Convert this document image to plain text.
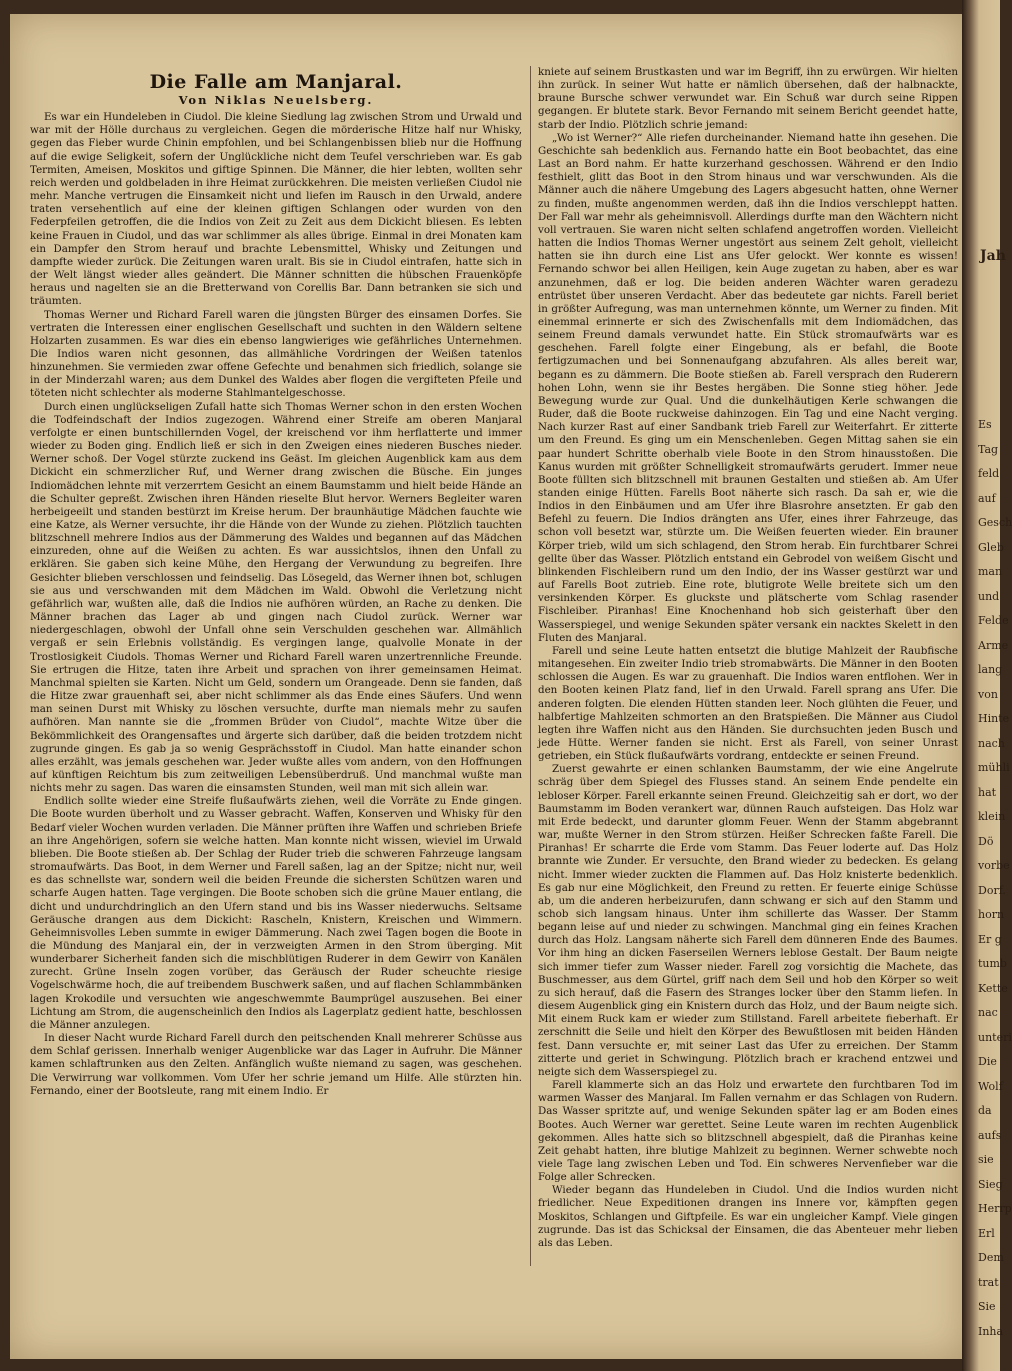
Die Falle am Manjaral.
Von Niklas Neuelsberg.

Es war ein Hundeleben in Ciudol. Die kleine Siedlung lag zwischen Strom und Urwald und war mit der Hölle durchaus zu vergleichen. Gegen die mörderische Hitze half nur Whisky, gegen das Fieber wurde Chinin empfohlen, und bei Schlangenbissen blieb nur die Hoffnung auf die ewige Seligkeit, sofern der Unglückliche nicht dem Teufel verschrieben war. Es gab Termiten, Ameisen, Moskitos und giftige Spinnen. Die Männer, die hier lebten, wollten sehr reich werden und goldbeladen in ihre Heimat zurückkehren. Die meisten verließen Ciudol nie mehr. Manche vertrugen die Einsamkeit nicht und liefen im Rausch in den Urwald, andere traten versehentlich auf eine der kleinen giftigen Schlangen oder wurden von den Federpfeilen getroffen, die die Indios von Zeit zu Zeit aus dem Dickicht bliesen. Es lebten keine Frauen in Ciudol, und das war schlimmer als alles übrige. Einmal in drei Monaten kam ein Dampfer den Strom herauf und brachte Lebensmittel, Whisky und Zeitungen und dampfte wieder zurück. Die Zeitungen waren uralt. Bis sie in Ciudol eintrafen, hatte sich in der Welt längst wieder alles geändert. Die Männer schnitten die hübschen Frauenköpfe heraus und nagelten sie an die Bretterwand von Corellis Bar. Dann betranken sie sich und träumten.

Thomas Werner und Richard Farell waren die jüngsten Bürger des einsamen Dorfes. Sie vertraten die Interessen einer englischen Gesellschaft und suchten in den Wäldern seltene Holzarten zusammen. Es war dies ein ebenso langwieriges wie gefährliches Unternehmen. Die Indios waren nicht gesonnen, das allmähliche Vordringen der Weißen tatenlos hinzunehmen. Sie vermieden zwar offene Gefechte und benahmen sich friedlich, solange sie in der Minderzahl waren; aus dem Dunkel des Waldes aber flogen die vergifteten Pfeile und töteten nicht schlechter als moderne Stahlmantelgeschosse.

Durch einen unglückseligen Zufall hatte sich Thomas Werner schon in den ersten Wochen die Todfeindschaft der Indios zugezogen. Während einer Streife am oberen Manjaral verfolgte er einen buntschillernden Vogel, der kreischend vor ihm herflatterte und immer wieder zu Boden ging. Endlich ließ er sich in den Zweigen eines niederen Busches nieder. Werner schoß. Der Vogel stürzte zuckend ins Geäst. Im gleichen Augenblick kam aus dem Dickicht ein schmerzlicher Ruf, und Werner drang zwischen die Büsche. Ein junges Indiomädchen lehnte mit verzerrtem Gesicht an einem Baumstamm und hielt beide Hände an die Schulter gepreßt. Zwischen ihren Händen rieselte Blut hervor. Werners Begleiter waren herbeigeeilt und standen bestürzt im Kreise herum. Der braunhäutige Mädchen fauchte wie eine Katze, als Werner versuchte, ihr die Hände von der Wunde zu ziehen. Plötzlich tauchten blitzschnell mehrere Indios aus der Dämmerung des Waldes und begannen auf das Mädchen einzureden, ohne auf die Weißen zu achten. Es war aussichtslos, ihnen den Unfall zu erklären. Sie gaben sich keine Mühe, den Hergang der Verwundung zu begreifen. Ihre Gesichter blieben verschlossen und feindselig. Das Lösegeld, das Werner ihnen bot, schlugen sie aus und verschwanden mit dem Mädchen im Wald. Obwohl die Verletzung nicht gefährlich war, wußten alle, daß die Indios nie aufhören würden, an Rache zu denken. Die Männer brachen das Lager ab und gingen nach Ciudol zurück. Werner war niedergeschlagen, obwohl der Unfall ohne sein Verschulden geschehen war. Allmählich vergaß er sein Erlebnis vollständig. Es vergingen lange, qualvolle Monate in der Trostlosigkeit Ciudols. Thomas Werner und Richard Farell waren unzertrennliche Freunde. Sie ertrugen die Hitze, taten ihre Arbeit und sprachen von ihrer gemeinsamen Heimat. Manchmal spielten sie Karten. Nicht um Geld, sondern um Orangeade. Denn sie fanden, daß die Hitze zwar grauenhaft sei, aber nicht schlimmer als das Ende eines Säufers. Und wenn man seinen Durst mit Whisky zu löschen versuchte, durfte man niemals mehr zu saufen aufhören. Man nannte sie die „frommen Brüder von Ciudol“, machte Witze über die Bekömmlichkeit des Orangensaftes und ärgerte sich darüber, daß die beiden trotzdem nicht zugrunde gingen. Es gab ja so wenig Gesprächsstoff in Ciudol. Man hatte einander schon alles erzählt, was jemals geschehen war. Jeder wußte alles vom andern, von den Hoffnungen auf künftigen Reichtum bis zum zeitweiligen Lebensüberdruß. Und manchmal wußte man nichts mehr zu sagen. Das waren die einsamsten Stunden, weil man mit sich allein war.

Endlich sollte wieder eine Streife flußaufwärts ziehen, weil die Vorräte zu Ende gingen. Die Boote wurden überholt und zu Wasser gebracht. Waffen, Konserven und Whisky für den Bedarf vieler Wochen wurden verladen. Die Männer prüften ihre Waffen und schrieben Briefe an ihre Angehörigen, sofern sie welche hatten. Man konnte nicht wissen, wieviel im Urwald blieben. Die Boote stießen ab. Der Schlag der Ruder trieb die schweren Fahrzeuge langsam stromaufwärts. Das Boot, in dem Werner und Farell saßen, lag an der Spitze; nicht nur, weil es das schnellste war, sondern weil die beiden Freunde die sichersten Schützen waren und scharfe Augen hatten. Tage vergingen. Die Boote schoben sich die grüne Mauer entlang, die dicht und undurchdringlich an den Ufern stand und bis ins Wasser niederwuchs. Seltsame Geräusche drangen aus dem Dickicht: Rascheln, Knistern, Kreischen und Wimmern. Geheimnisvolles Leben summte in ewiger Dämmerung. Nach zwei Tagen bogen die Boote in die Mündung des Manjaral ein, der in verzweigten Armen in den Strom überging. Mit wunderbarer Sicherheit fanden sich die mischblütigen Ruderer in dem Gewirr von Kanälen zurecht. Grüne Inseln zogen vorüber, das Geräusch der Ruder scheuchte riesige Vogelschwärme hoch, die auf treibendem Buschwerk saßen, und auf flachen Schlammbänken lagen Krokodile und versuchten wie angeschwemmte Baumprügel auszusehen. Bei einer Lichtung am Strom, die augenscheinlich den Indios als Lagerplatz gedient hatte, beschlossen die Männer anzulegen.

In dieser Nacht wurde Richard Farell durch den peitschenden Knall mehrerer Schüsse aus dem Schlaf gerissen. Innerhalb weniger Augenblicke war das Lager in Aufruhr. Die Männer kamen schlaftrunken aus den Zelten. Anfänglich wußte niemand zu sagen, was geschehen. Die Verwirrung war vollkommen. Vom Ufer her schrie jemand um Hilfe. Alle stürzten hin. Fernando, einer der Bootsleute, rang mit einem Indio. Er

kniete auf seinem Brustkasten und war im Begriff, ihn zu erwürgen. Wir hielten ihn zurück. In seiner Wut hatte er nämlich übersehen, daß der halbnackte, braune Bursche schwer verwundet war. Ein Schuß war durch seine Rippen gegangen. Er blutete stark. Bevor Fernando mit seinem Bericht geendet hatte, starb der Indio. Plötzlich schrie jemand:

„Wo ist Werner?“ Alle riefen durcheinander. Niemand hatte ihn gesehen. Die Geschichte sah bedenklich aus. Fernando hatte ein Boot beobachtet, das eine Last an Bord nahm. Er hatte kurzerhand geschossen. Während er den Indio festhielt, glitt das Boot in den Strom hinaus und war verschwunden. Als die Männer auch die nähere Umgebung des Lagers abgesucht hatten, ohne Werner zu finden, mußte angenommen werden, daß ihn die Indios verschleppt hatten. Der Fall war mehr als geheimnisvoll. Allerdings durfte man den Wächtern nicht voll vertrauen. Sie waren nicht selten schlafend angetroffen worden. Vielleicht hatten die Indios Thomas Werner ungestört aus seinem Zelt geholt, vielleicht hatten sie ihn durch eine List ans Ufer gelockt. Wer konnte es wissen! Fernando schwor bei allen Heiligen, kein Auge zugetan zu haben, aber es war anzunehmen, daß er log. Die beiden anderen Wächter waren geradezu entrüstet über unseren Verdacht. Aber das bedeutete gar nichts. Farell beriet in größter Aufregung, was man unternehmen könnte, um Werner zu finden. Mit einemmal erinnerte er sich des Zwischenfalls mit dem Indiomädchen, das seinem Freund damals verwundet hatte. Ein Stück stromaufwärts war es geschehen. Farell folgte einer Eingebung, als er befahl, die Boote fertigzumachen und bei Sonnenaufgang abzufahren. Als alles bereit war, begann es zu dämmern. Die Boote stießen ab. Farell versprach den Ruderern hohen Lohn, wenn sie ihr Bestes hergäben. Die Sonne stieg höher. Jede Bewegung wurde zur Qual. Und die dunkelhäutigen Kerle schwangen die Ruder, daß die Boote ruckweise dahinzogen. Ein Tag und eine Nacht verging. Nach kurzer Rast auf einer Sandbank trieb Farell zur Weiterfahrt. Er zitterte um den Freund. Es ging um ein Menschenleben. Gegen Mittag sahen sie ein paar hundert Schritte oberhalb viele Boote in den Strom hinausstoßen. Die Kanus wurden mit größter Schnelligkeit stromaufwärts gerudert. Immer neue Boote füllten sich blitzschnell mit braunen Gestalten und stießen ab. Am Ufer standen einige Hütten. Farells Boot näherte sich rasch. Da sah er, wie die Indios in den Einbäumen und am Ufer ihre Blasrohre ansetzten. Er gab den Befehl zu feuern. Die Indios drängten ans Ufer, eines ihrer Fahrzeuge, das schon voll besetzt war, stürzte um. Die Weißen feuerten wieder. Ein brauner Körper trieb, wild um sich schlagend, den Strom herab. Ein furchtbarer Schrei gellte über das Wasser. Plötzlich entstand ein Gebrodel von weißem Gischt und blinkenden Fischleibern rund um den Indio, der ins Wasser gestürzt war und auf Farells Boot zutrieb. Eine rote, blutigrote Welle breitete sich um den versinkenden Körper. Es gluckste und plätscherte vom Schlag rasender Fischleiber. Piranhas! Eine Knochenhand hob sich geisterhaft über den Wasserspiegel, und wenige Sekunden später versank ein nacktes Skelett in den Fluten des Manjaral.

Farell und seine Leute hatten entsetzt die blutige Mahlzeit der Raubfische mitangesehen. Ein zweiter Indio trieb stromabwärts. Die Männer in den Booten schlossen die Augen. Es war zu grauenhaft. Die Indios waren entflohen. Wer in den Booten keinen Platz fand, lief in den Urwald. Farell sprang ans Ufer. Die anderen folgten. Die elenden Hütten standen leer. Noch glühten die Feuer, und halbfertige Mahlzeiten schmorten an den Bratspießen. Die Männer aus Ciudol legten ihre Waffen nicht aus den Händen. Sie durchsuchten jeden Busch und jede Hütte. Werner fanden sie nicht. Erst als Farell, von seiner Unrast getrieben, ein Stück flußaufwärts vordrang, entdeckte er seinen Freund.

Zuerst gewahrte er einen schlanken Baumstamm, der wie eine Angelrute schräg über dem Spiegel des Flusses stand. An seinem Ende pendelte ein lebloser Körper. Farell erkannte seinen Freund. Gleichzeitig sah er dort, wo der Baumstamm im Boden verankert war, dünnen Rauch aufsteigen. Das Holz war mit Erde bedeckt, und darunter glomm Feuer. Wenn der Stamm abgebrannt war, mußte Werner in den Strom stürzen. Heißer Schrecken faßte Farell. Die Piranhas! Er scharrte die Erde vom Stamm. Das Feuer loderte auf. Das Holz brannte wie Zunder. Er versuchte, den Brand wieder zu bedecken. Es gelang nicht. Immer wieder zuckten die Flammen auf. Das Holz knisterte bedenklich. Es gab nur eine Möglichkeit, den Freund zu retten. Er feuerte einige Schüsse ab, um die anderen herbeizurufen, dann schwang er sich auf den Stamm und schob sich langsam hinaus. Unter ihm schillerte das Wasser. Der Stamm begann leise auf und nieder zu schwingen. Manchmal ging ein feines Krachen durch das Holz. Langsam näherte sich Farell dem dünneren Ende des Baumes. Vor ihm hing an dicken Faserseilen Werners leblose Gestalt. Der Baum neigte sich immer tiefer zum Wasser nieder. Farell zog vorsichtig die Machete, das Buschmesser, aus dem Gürtel, griff nach dem Seil und hob den Körper so weit zu sich herauf, daß die Fasern des Stranges locker über den Stamm liefen. In diesem Augenblick ging ein Knistern durch das Holz, und der Baum neigte sich. Mit einem Ruck kam er wieder zum Stillstand. Farell arbeitete fieberhaft. Er zerschnitt die Seile und hielt den Körper des Bewußtlosen mit beiden Händen fest. Dann versuchte er, mit seiner Last das Ufer zu erreichen. Der Stamm zitterte und geriet in Schwingung. Plötzlich brach er krachend entzwei und neigte sich dem Wasserspiegel zu.

Farell klammerte sich an das Holz und erwartete den furchtbaren Tod im warmen Wasser des Manjaral. Im Fallen vernahm er das Schlagen von Rudern. Das Wasser spritzte auf, und wenige Sekunden später lag er am Boden eines Bootes. Auch Werner war gerettet. Seine Leute waren im rechten Augenblick gekommen. Alles hatte sich so blitzschnell abgespielt, daß die Piranhas keine Zeit gehabt hatten, ihre blutige Mahlzeit zu beginnen. Werner schwebte noch viele Tage lang zwischen Leben und Tod. Ein schweres Nervenfieber war die Folge aller Schrecken.

Wieder begann das Hundeleben in Ciudol. Und die Indios wurden nicht friedlicher. Neue Expeditionen drangen ins Innere vor, kämpften gegen Moskitos, Schlangen und Giftpfeile. Es war ein ungleicher Kampf. Viele gingen zugrunde. Das ist das Schicksal der Einsamen, die das Abenteuer mehr lieben als das Leben.

Jah
Es
Tag
feld
auf
Gesch
Gleb
man
und
Felde
Arme
lang
von
Hinte
nach
mühli
hat
klein
Dö
vorbe
Dorf.
horn
Er g
tumb
Kette
nac
unteri
Die
Wolf
da
aufs
sie
Sieg
Herrp
Erl
Dem
trat
Sie
Inha
